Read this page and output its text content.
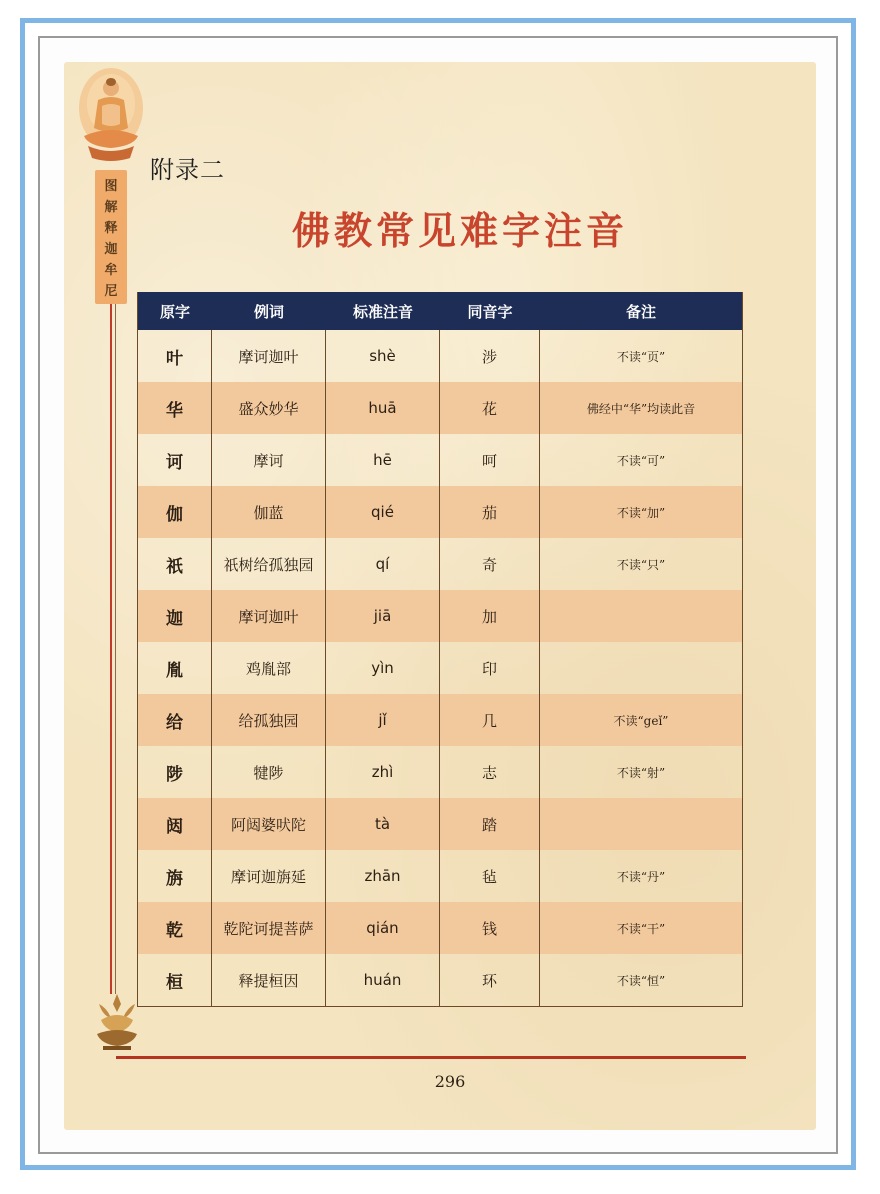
图
解
释
迦
牟
尼
附录二
佛教常见难字注音
原字	例词	标准注音	同音字	备注
叶	摩诃迦叶	shè	涉	不读“页”
华	盛众妙华	huā	花	佛经中“华”均读此音
诃	摩诃	hē	呵	不读“可”
伽	伽蓝	qié	茄	不读“加”
祇	祇树给孤独园	qí	奇	不读“只”
迦	摩诃迦叶	jiā	加
胤	鸡胤部	yìn	印
给	给孤独园	jǐ	几	不读“geǐ”
陟	犍陟	zhì	志	不读“射”
闼	阿闼婆吠陀	tà	踏
旃	摩诃迦旃延	zhān	毡	不读“丹”
乾	乾陀诃提菩萨	qián	钱	不读“干”
桓	释提桓因	huán	环	不读“恒”
296
